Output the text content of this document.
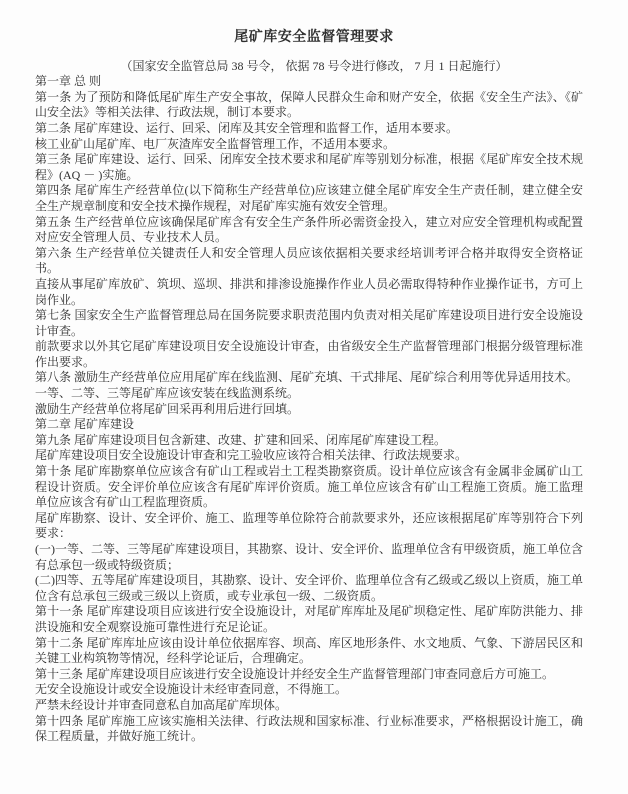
尾矿库安全监督管理要求
（国家安全监管总局 38 号令， 依据 78 号令进行修改， 7 月 1 日起施行）

第一章 总 则

第一条 为了预防和降低尾矿库生产安全事故，保障人民群众生命和财产安全，依据《安全生产法》、《矿山安全法》等相关法律、行政法规，制订本要求。

第二条 尾矿库建设、运行、回采、闭库及其安全管理和监督工作，适用本要求。

核工业矿山尾矿库、电厂灰渣库安全监督管理工作，不适用本要求。

第三条 尾矿库建设、运行、回采、闭库安全技术要求和尾矿库等别划分标准，根据《尾矿库安全技术规程》(AQ － )实施。

第四条 尾矿库生产经营单位(以下简称生产经营单位)应该建立健全尾矿库安全生产责任制，建立健全安全生产规章制度和安全技术操作规程，对尾矿库实施有效安全管理。

第五条 生产经营单位应该确保尾矿库含有安全生产条件所必需资金投入，建立对应安全管理机构或配置对应安全管理人员、专业技术人员。

第六条 生产经营单位关键责任人和安全管理人员应该依据相关要求经培训考评合格并取得安全资格证书。

直接从事尾矿库放矿、筑坝、巡坝、排洪和排渗设施操作作业人员必需取得特种作业操作证书，方可上岗作业。

第七条 国家安全生产监督管理总局在国务院要求职责范围内负责对相关尾矿库建设项目进行安全设施设计审查。

前款要求以外其它尾矿库建设项目安全设施设计审查，由省级安全生产监督管理部门根据分级管理标准作出要求。

第八条 激励生产经营单位应用尾矿库在线监测、尾矿充填、干式排尾、尾矿综合利用等优异适用技术。

一等、二等、三等尾矿库应该安装在线监测系统。

激励生产经营单位将尾矿回采再利用后进行回填。

第二章 尾矿库建设

第九条 尾矿库建设项目包含新建、改建、扩建和回采、闭库尾矿库建设工程。

尾矿库建设项目安全设施设计审查和完工验收应该符合相关法律、行政法规要求。

第十条 尾矿库勘察单位应该含有矿山工程或岩土工程类勘察资质。设计单位应该含有金属非金属矿山工程设计资质。安全评价单位应该含有尾矿库评价资质。施工单位应该含有矿山工程施工资质。施工监理单位应该含有矿山工程监理资质。

尾矿库勘察、设计、安全评价、施工、监理等单位除符合前款要求外，还应该根据尾矿库等别符合下列要求：

(一)一等、二等、三等尾矿库建设项目，其勘察、设计、安全评价、监理单位含有甲级资质，施工单位含有总承包一级或特级资质；

(二)四等、五等尾矿库建设项目，其勘察、设计、安全评价、监理单位含有乙级或乙级以上资质，施工单位含有总承包三级或三级以上资质，或专业承包一级、二级资质。

第十一条 尾矿库建设项目应该进行安全设施设计，对尾矿库库址及尾矿坝稳定性、尾矿库防洪能力、排洪设施和安全观察设施可靠性进行充足论证。

第十二条 尾矿库库址应该由设计单位依据库容、坝高、库区地形条件、水文地质、气象、下游居民区和关键工业构筑物等情况，经科学论证后，合理确定。

第十三条 尾矿库建设项目应该进行安全设施设计并经安全生产监督管理部门审查同意后方可施工。

无安全设施设计或安全设施设计未经审查同意，不得施工。

严禁未经设计并审查同意私自加高尾矿库坝体。

第十四条 尾矿库施工应该实施相关法律、行政法规和国家标准、行业标准要求，严格根据设计施工，确保工程质量，并做好施工统计。
